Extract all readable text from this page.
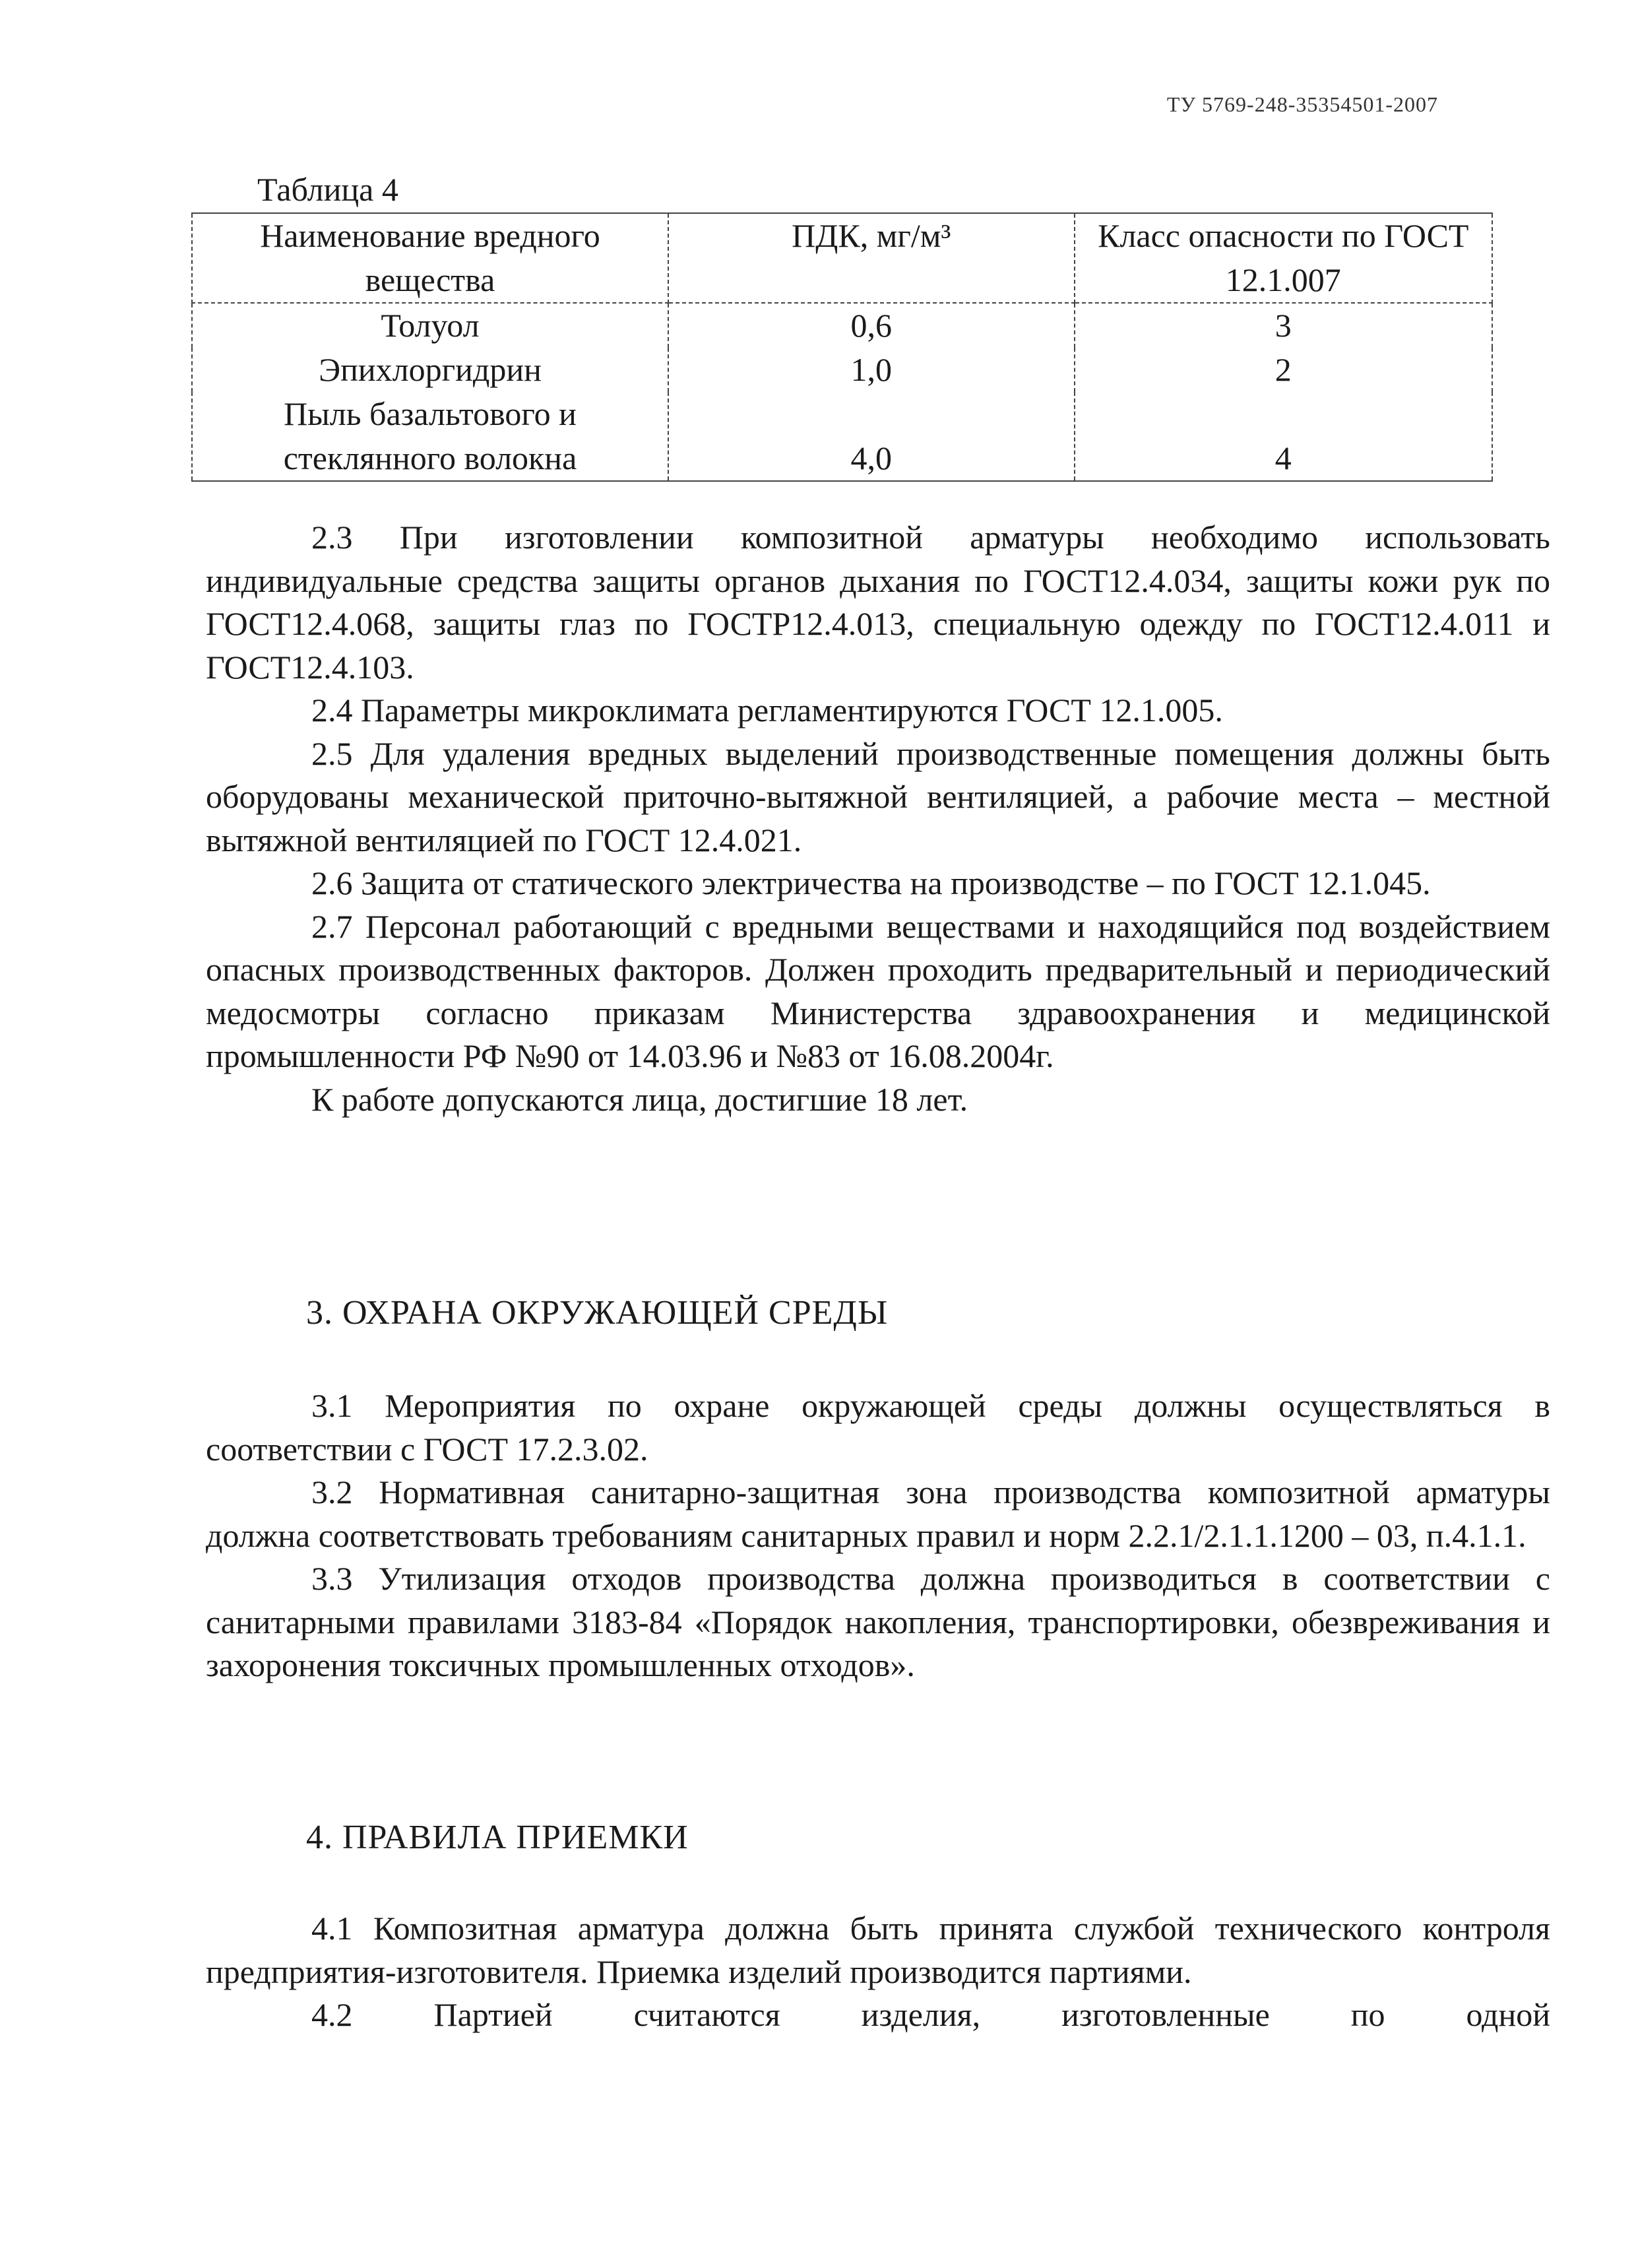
ТУ 5769-248-35354501-2007
Таблица 4
Наименование вредного вещества	ПДК, мг/м³	Класс опасности по ГОСТ 12.1.007
Толуол	0,6	3
Эпихлоргидрин	1,0	2
Пыль базальтового и стеклянного волокна	4,0	4

2.3 При изготовлении композитной арматуры необходимо использовать индивидуальные средства защиты органов дыхания по ГОСТ12.4.034, защиты кожи рук по ГОСТ12.4.068, защиты глаз по ГОСТР12.4.013, специальную одежду по ГОСТ12.4.011 и ГОСТ12.4.103.

2.4 Параметры микроклимата регламентируются ГОСТ 12.1.005.

2.5 Для удаления вредных выделений производственные помещения должны быть оборудованы механической приточно-вытяжной вентиляцией, а рабочие места – местной вытяжной вентиляцией по ГОСТ 12.4.021.

2.6 Защита от статического электричества на производстве – по ГОСТ 12.1.045.

2.7 Персонал работающий с вредными веществами и находящийся под воздействием опасных производственных факторов. Должен проходить предварительный и периодический медосмотры согласно приказам Министерства здравоохранения и медицинской промышленности РФ №90 от 14.03.96 и №83 от 16.08.2004г.

К работе допускаются лица, достигшие 18 лет.

3. ОХРАНА ОКРУЖАЮЩЕЙ СРЕДЫ

3.1 Мероприятия по охране окружающей среды должны осуществляться в соответствии с ГОСТ 17.2.3.02.

3.2 Нормативная санитарно-защитная зона производства композитной арматуры должна соответствовать требованиям санитарных правил и норм 2.2.1/2.1.1.1200 – 03, п.4.1.1.

3.3 Утилизация отходов производства должна производиться в соответствии с санитарными правилами 3183-84 «Порядок накопления, транспортировки, обезвреживания и захоронения токсичных промышленных отходов».

4. ПРАВИЛА ПРИЕМКИ

4.1 Композитная арматура должна быть принята службой технического контроля предприятия-изготовителя. Приемка изделий производится партиями.

4.2 Партией считаются изделия, изготовленные по одной
